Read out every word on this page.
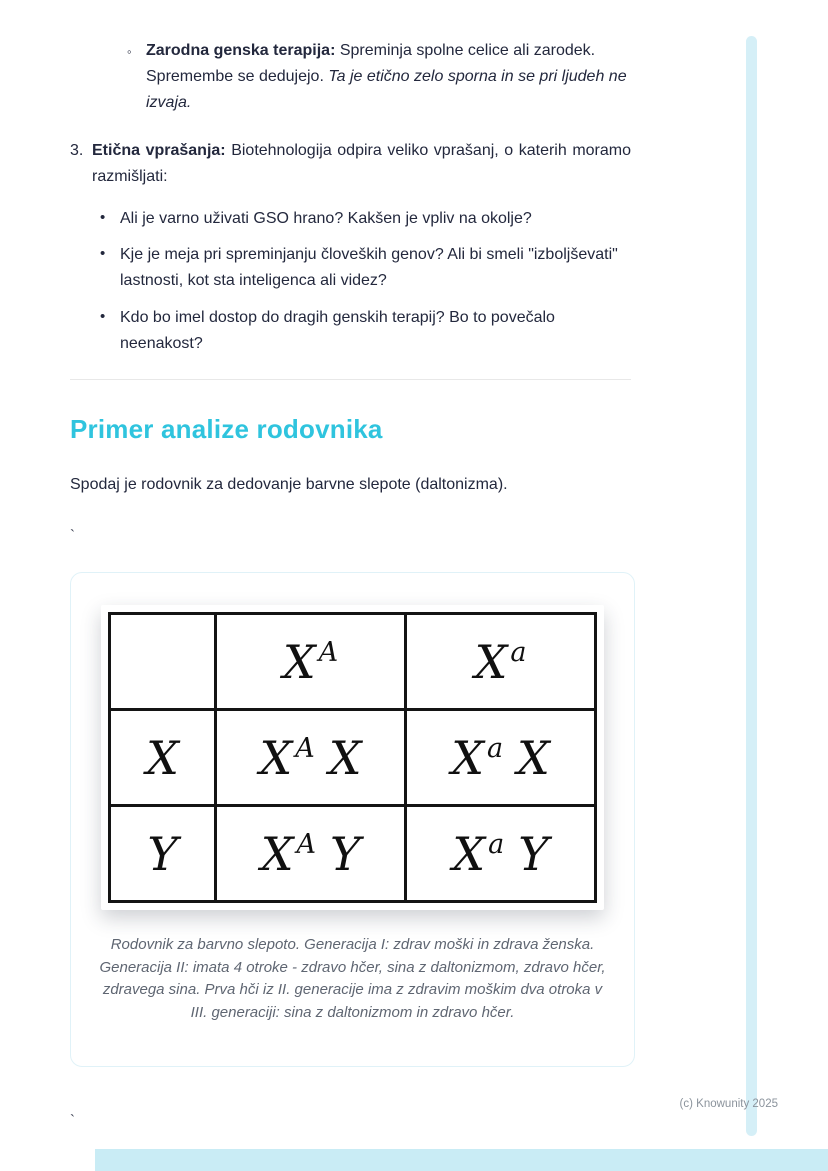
◦ Zarodna genska terapija: Spreminja spolne celice ali zarodek. Spremembe se dedujejo. Ta je etično zelo sporna in se pri ljudeh ne izvaja.

3. Etična vprašanja: Biotehnologija odpira veliko vprašanj, o katerih moramo razmišljati:

• Ali je varno uživati GSO hrano? Kakšen je vpliv na okolje?
• Kje je meja pri spreminjanju človeških genov? Ali bi smeli "izboljševati" lastnosti, kot sta inteligenca ali videz?
• Kdo bo imel dostop do dragih genskih terapij? Bo to povečalo neenakost?
Primer analize rodovnika

Spodaj je rodovnik za dedovanje barvne slepote (daltonizma).

`

	X $^A$	X $^a$
X	X $^A$ X	X $^a$ X
Y	X $^A$ Y	X $^a$ Y

Rodovnik za barvno slepoto. Generacija I: zdrav moški in zdrava ženska. Generacija II: imata 4 otroke - zdravo hčer, sina z daltonizmom, zdravo hčer, zdravega sina. Prva hči iz II. generacije ima z zdravim moškim dva otroka v III. generaciji: sina z daltonizmom in zdravo hčer.

`

(c) Knowunity 2025
